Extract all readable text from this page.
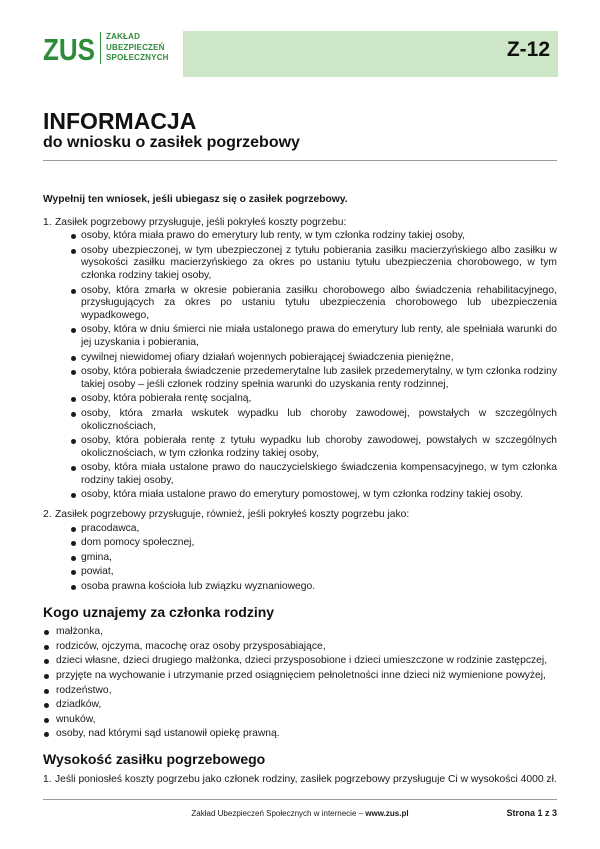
ZUS ZAKŁAD
UBEZPIECZEŃ
SPOŁECZNYCH	Z-12
INFORMACJA
do wniosku o zasiłek pogrzebowy
Wypełnij ten wniosek, jeśli ubiegasz się o zasiłek pogrzebowy.
1. Zasiłek pogrzebowy przysługuje, jeśli pokryłeś koszty pogrzebu:
osoby, która miała prawo do emerytury lub renty, w tym członka rodziny takiej osoby,
osoby ubezpieczonej, w tym ubezpieczonej z tytułu pobierania zasiłku macierzyńskiego albo zasiłku w wysokości zasiłku macierzyńskiego za okres po ustaniu tytułu ubezpieczenia chorobowego, w tym członka rodziny takiej osoby,
osoby, która zmarła w okresie pobierania zasiłku chorobowego albo świadczenia rehabilitacyjnego, przysługujących za okres po ustaniu tytułu ubezpieczenia chorobowego lub ubezpieczenia wypadkowego,
osoby, która w dniu śmierci nie miała ustalonego prawa do emerytury lub renty, ale spełniała warunki do jej uzyskania i pobierania,
cywilnej niewidomej ofiary działań wojennych pobierającej świadczenia pieniężne,
osoby, która pobierała świadczenie przedemerytalne lub zasiłek przedemerytalny, w tym członka rodziny takiej osoby – jeśli członek rodziny spełnia warunki do uzyskania renty rodzinnej,
osoby, która pobierała rentę socjalną,
osoby, która zmarła wskutek wypadku lub choroby zawodowej, powstałych w szczególnych okolicznościach,
osoby, która pobierała rentę z tytułu wypadku lub choroby zawodowej, powstałych w szczególnych okolicznościach, w tym członka rodziny takiej osoby,
osoby, która miała ustalone prawo do nauczycielskiego świadczenia kompensacyjnego, w tym członka rodziny takiej osoby,
osoby, która miała ustalone prawo do emerytury pomostowej, w tym członka rodziny takiej osoby.
2. Zasiłek pogrzebowy przysługuje, również, jeśli pokryłeś koszty pogrzebu jako:
pracodawca,
dom pomocy społecznej,
gmina,
powiat,
osoba prawna kościoła lub związku wyznaniowego.
Kogo uznajemy za członka rodziny
małżonka,
rodziców, ojczyma, macochę oraz osoby przysposabiające,
dzieci własne, dzieci drugiego małżonka, dzieci przysposobione i dzieci umieszczone w rodzinie zastępczej,
przyjęte na wychowanie i utrzymanie przed osiągnięciem pełnoletności inne dzieci niż wymienione powyżej,
rodzeństwo,
dziadków,
wnuków,
osoby, nad którymi sąd ustanowił opiekę prawną.
Wysokość zasiłku pogrzebowego
1. Jeśli poniosłeś koszty pogrzebu jako członek rodziny, zasiłek pogrzebowy przysługuje Ci w wysokości 4000 zł.
Zakład Ubezpieczeń Społecznych w internecie – www.zus.pl	Strona 1 z 3
